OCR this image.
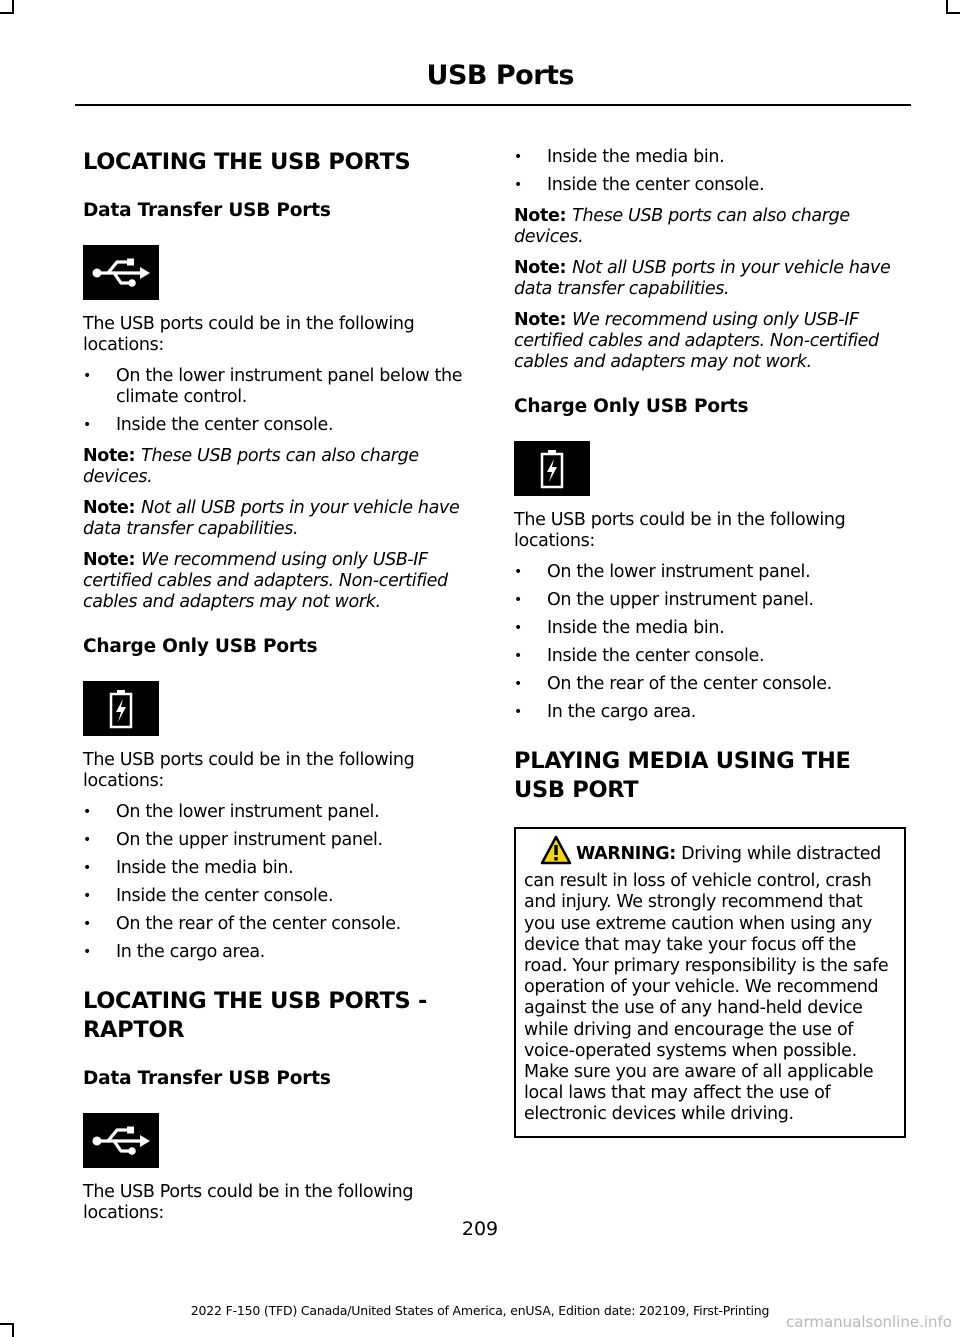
USB Ports
LOCATING THE USB PORTS
Data Transfer USB Ports

The USB ports could be in the following locations:

• On the lower instrument panel below the climate control.
• Inside the center console.

Note: These USB ports can also charge devices.

Note: Not all USB ports in your vehicle have data transfer capabilities.

Note: We recommend using only USB-IF certified cables and adapters. Non-certified cables and adapters may not work.

Charge Only USB Ports

The USB ports could be in the following locations:

• On the lower instrument panel.
• On the upper instrument panel.
• Inside the media bin.
• Inside the center console.
• On the rear of the center console.
• In the cargo area.
LOCATING THE USB PORTS -
RAPTOR
Data Transfer USB Ports

The USB Ports could be in the following locations:

• Inside the media bin.
• Inside the center console.

Note: These USB ports can also charge devices.

Note: Not all USB ports in your vehicle have data transfer capabilities.

Note: We recommend using only USB-IF certified cables and adapters. Non-certified cables and adapters may not work.

Charge Only USB Ports

The USB ports could be in the following locations:

• On the lower instrument panel.
• On the upper instrument panel.
• Inside the media bin.
• Inside the center console.
• On the rear of the center console.
• In the cargo area.
PLAYING MEDIA USING THE
USB PORT
WARNING: Driving while distracted can result in loss of vehicle control, crash and injury. We strongly recommend that you use extreme caution when using any device that may take your focus off the road. Your primary responsibility is the safe operation of your vehicle. We recommend against the use of any hand-held device while driving and encourage the use of voice-operated systems when possible. Make sure you are aware of all applicable local laws that may affect the use of electronic devices while driving.
209
2022 F-150 (TFD) Canada/United States of America, enUSA, Edition date: 202109, First-Printing
carmanualsonline.info
